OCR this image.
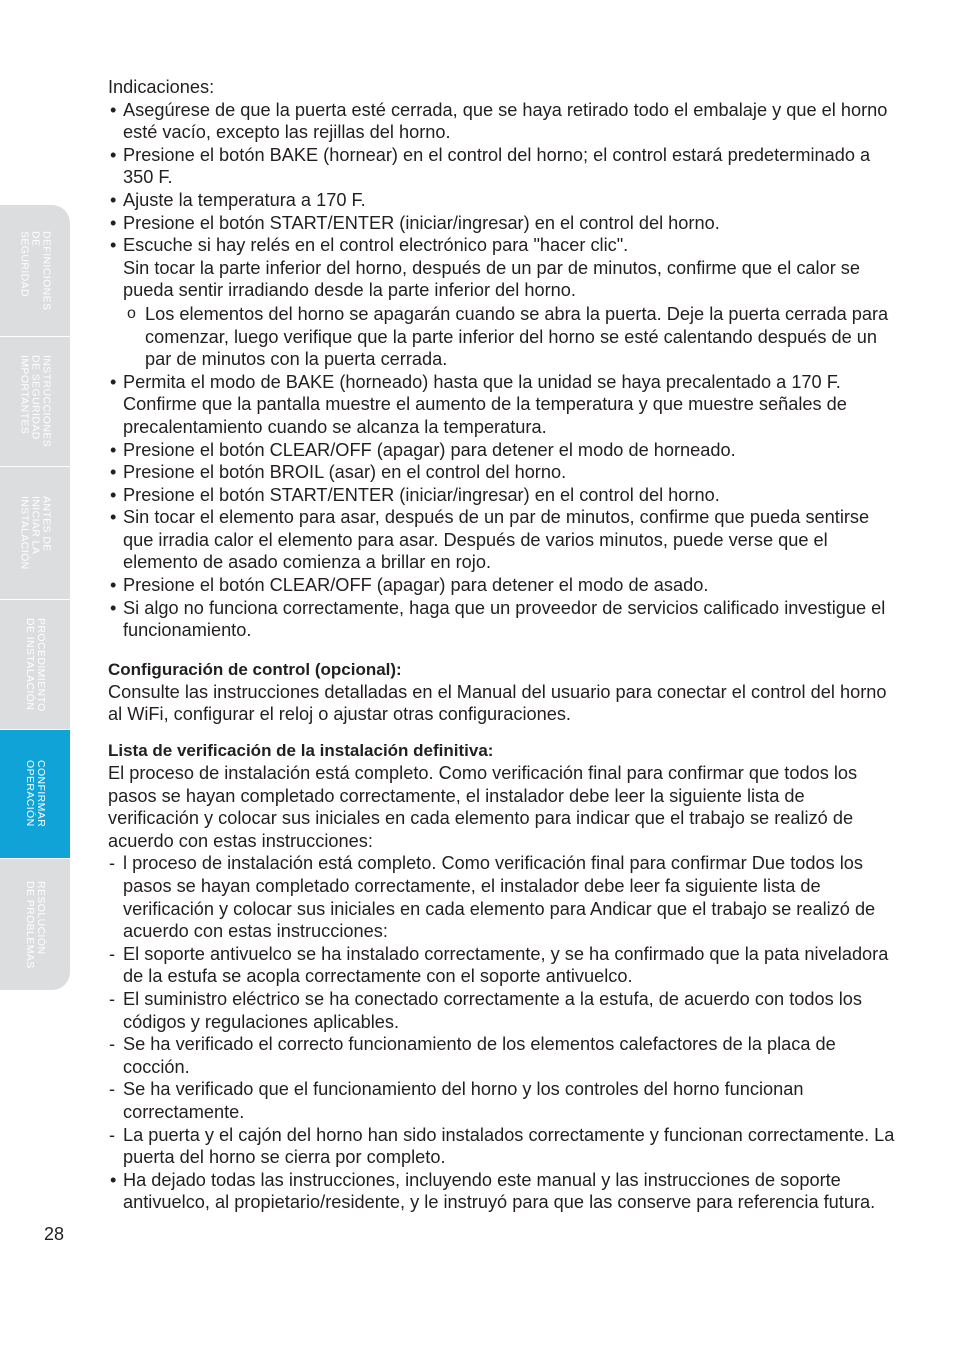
DEFINICIONES
DE
SEGURIDAD
INSTRUCCIONES
DE SEGURIDAD
IMPORTANTES
ANTES DE
INICIAR LA
INSTALACIÓN
PROCEDIMIENTO
DE INSTALACIÓN
CONFIRMAR
OPERACIÓN
RESOLUCIÓN
DE PROBLEMAS

Indicaciones:

• Asegúrese de que la puerta esté cerrada, que se haya retirado todo el embalaje y que el horno esté vacío, excepto las rejillas del horno.
• Presione el botón BAKE (hornear) en el control del horno; el control estará predeterminado a 350 F.
• Ajuste la temperatura a 170 F.
• Presione el botón START/ENTER (iniciar/ingresar) en el control del horno.
• Escuche si hay relés en el control electrónico para "hacer clic".
Sin tocar la parte inferior del horno, después de un par de minutos, confirme que el calor se pueda sentir irradiando desde la parte inferior del horno.
o Los elementos del horno se apagarán cuando se abra la puerta. Deje la puerta cerrada para comenzar, luego verifique que la parte inferior del horno se esté calentando después de un par de minutos con la puerta cerrada.
• Permita el modo de BAKE (horneado) hasta que la unidad se haya precalentado a 170 F. Confirme que la pantalla muestre el aumento de la temperatura y que muestre señales de precalentamiento cuando se alcanza la temperatura.
• Presione el botón CLEAR/OFF (apagar) para detener el modo de horneado.
• Presione el botón BROIL (asar) en el control del horno.
• Presione el botón START/ENTER (iniciar/ingresar) en el control del horno.
• Sin tocar el elemento para asar, después de un par de minutos, confirme que pueda sentirse que irradia calor el elemento para asar. Después de varios minutos, puede verse que el elemento de asado comienza a brillar en rojo.
• Presione el botón CLEAR/OFF (apagar) para detener el modo de asado.
• Si algo no funciona correctamente, haga que un proveedor de servicios calificado investigue el funcionamiento.
Configuración de control (opcional):

Consulte las instrucciones detalladas en el Manual del usuario para conectar el control del horno al WiFi, configurar el reloj o ajustar otras configuraciones.

Lista de verificación de la instalación definitiva:

El proceso de instalación está completo. Como verificación final para confirmar que todos los pasos se hayan completado correctamente, el instalador debe leer la siguiente lista de verificación y colocar sus iniciales en cada elemento para indicar que el trabajo se realizó de acuerdo con estas instrucciones:

- l proceso de instalación está completo. Como verificación final para confirmar Due todos los pasos se hayan completado correctamente, el instalador debe leer fa siguiente lista de verificación y colocar sus iniciales en cada elemento para Andicar que el trabajo se realizó de acuerdo con estas instrucciones:
- El soporte antivuelco se ha instalado correctamente, y se ha confirmado que la pata niveladora de la estufa se acopla correctamente con el soporte antivuelco.
- El suministro eléctrico se ha conectado correctamente a la estufa, de acuerdo con todos los códigos y regulaciones aplicables.
- Se ha verificado el correcto funcionamiento de los elementos calefactores de la placa de cocción.
- Se ha verificado que el funcionamiento del horno y los controles del horno funcionan correctamente.
- La puerta y el cajón del horno han sido instalados correctamente y funcionan correctamente. La puerta del horno se cierra por completo.
• Ha dejado todas las instrucciones, incluyendo este manual y las instrucciones de soporte antivuelco, al propietario/residente, y le instruyó para que las conserve para referencia futura.
28
